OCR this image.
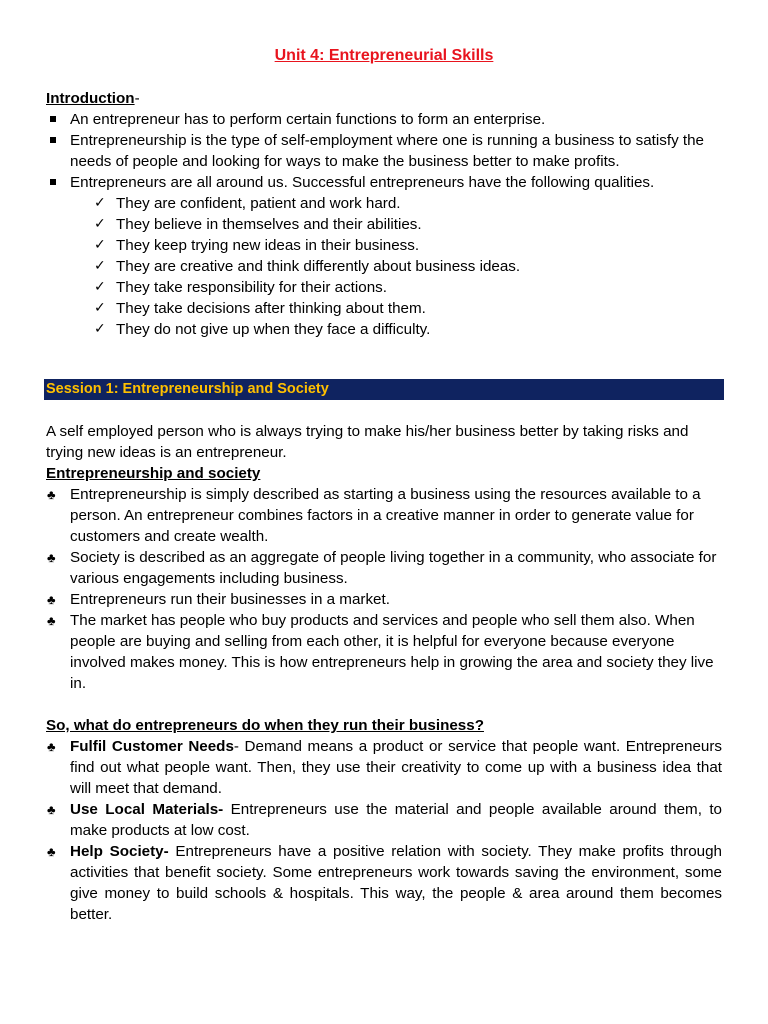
Unit 4: Entrepreneurial Skills
Introduction-
An entrepreneur has to perform certain functions to form an enterprise.
Entrepreneurship is the type of self-employment where one is running a business to satisfy the needs of people and looking for ways to make the business better to make profits.
Entrepreneurs are all around us. Successful entrepreneurs have the following qualities.
✓ They are confident, patient and work hard.
✓ They believe in themselves and their abilities.
✓ They keep trying new ideas in their business.
✓ They are creative and think differently about business ideas.
✓ They take responsibility for their actions.
✓ They take decisions after thinking about them.
✓ They do not give up when they face a difficulty.
Session 1: Entrepreneurship and Society
A self employed person who is always trying to make his/her business better by taking risks and trying new ideas is an entrepreneur.
Entrepreneurship and society
♣ Entrepreneurship is simply described as starting a business using the resources available to a person. An entrepreneur combines factors in a creative manner in order to generate value for customers and create wealth.
♣ Society is described as an aggregate of people living together in a community, who associate for various engagements including business.
♣ Entrepreneurs run their businesses in a market.
♣ The market has people who buy products and services and people who sell them also. When people are buying and selling from each other, it is helpful for everyone because everyone involved makes money. This is how entrepreneurs help in growing the area and society they live in.
So, what do entrepreneurs do when they run their business?
♣ Fulfil Customer Needs- Demand means a product or service that people want. Entrepreneurs find out what people want. Then, they use their creativity to come up with a business idea that will meet that demand.
♣ Use Local Materials- Entrepreneurs use the material and people available around them, to make products at low cost.
♣ Help Society- Entrepreneurs have a positive relation with society. They make profits through activities that benefit society. Some entrepreneurs work towards saving the environment, some give money to build schools & hospitals. This way, the people & area around them becomes better.
